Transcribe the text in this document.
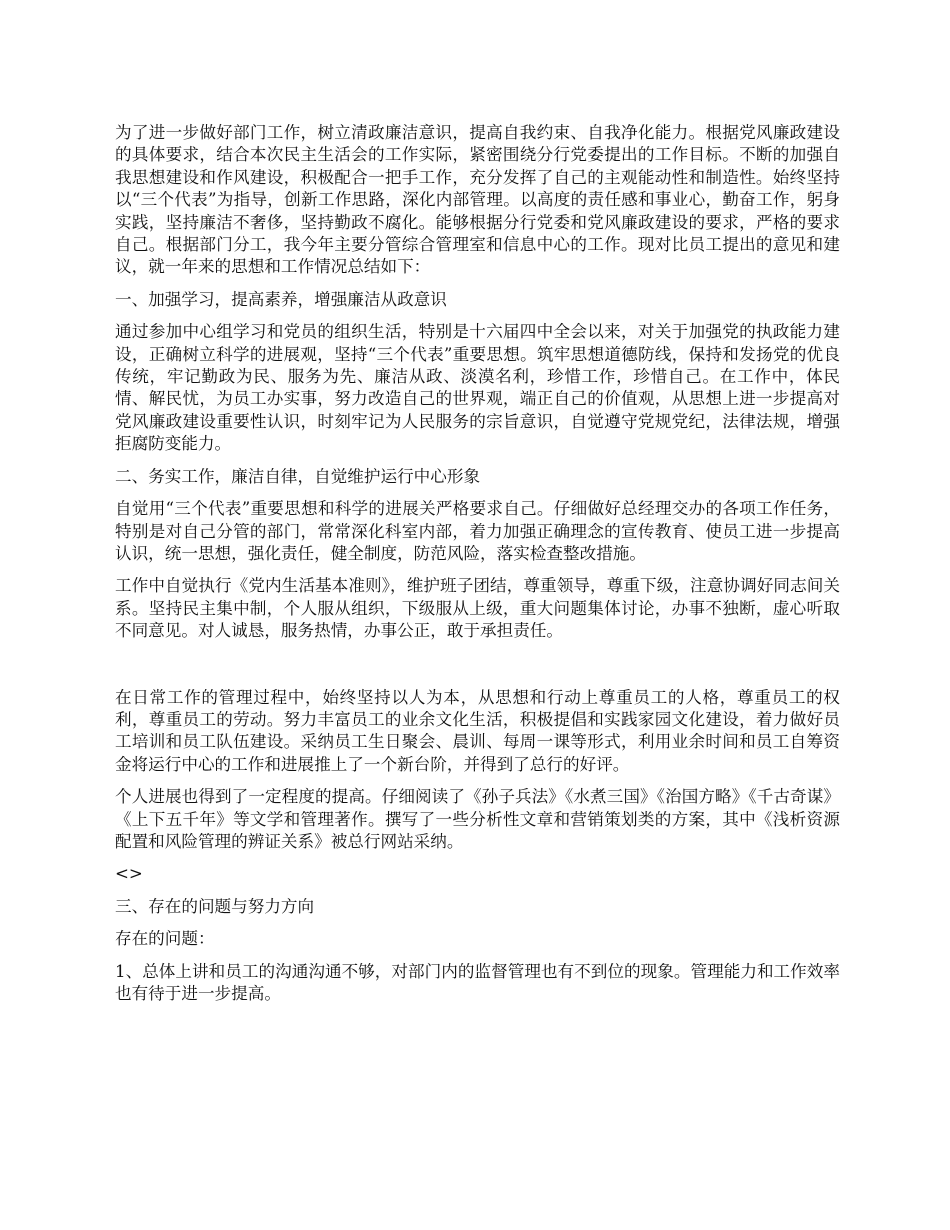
为了进一步做好部门工作，树立清政廉洁意识，提高自我约束、自我净化能力。根据党风廉政建设的具体要求，结合本次民主生活会的工作实际，紧密围绕分行党委提出的工作目标。不断的加强自我思想建设和作风建设，积极配合一把手工作，充分发挥了自己的主观能动性和制造性。始终坚持以“三个代表”为指导，创新工作思路，深化内部管理。以高度的责任感和事业心，勤奋工作，躬身实践，坚持廉洁不奢侈，坚持勤政不腐化。能够根据分行党委和党风廉政建设的要求，严格的要求自己。根据部门分工，我今年主要分管综合管理室和信息中心的工作。现对比员工提出的意见和建议，就一年来的思想和工作情况总结如下：

一、加强学习，提高素养，增强廉洁从政意识

通过参加中心组学习和党员的组织生活，特别是十六届四中全会以来，对关于加强党的执政能力建设，正确树立科学的进展观，坚持“三个代表”重要思想。筑牢思想道德防线，保持和发扬党的优良传统，牢记勤政为民、服务为先、廉洁从政、淡漠名利，珍惜工作，珍惜自己。在工作中，体民情、解民忧，为员工办实事，努力改造自己的世界观，端正自己的价值观，从思想上进一步提高对党风廉政建设重要性认识，时刻牢记为人民服务的宗旨意识，自觉遵守党规党纪，法律法规，增强拒腐防变能力。

二、务实工作，廉洁自律，自觉维护运行中心形象

自觉用“三个代表”重要思想和科学的进展关严格要求自己。仔细做好总经理交办的各项工作任务，特别是对自己分管的部门，常常深化科室内部，着力加强正确理念的宣传教育、使员工进一步提高认识，统一思想，强化责任，健全制度，防范风险，落实检查整改措施。

工作中自觉执行《党内生活基本准则》，维护班子团结，尊重领导，尊重下级，注意协调好同志间关系。坚持民主集中制，个人服从组织，下级服从上级，重大问题集体讨论，办事不独断，虚心听取不同意见。对人诚恳，服务热情，办事公正，敢于承担责任。

在日常工作的管理过程中，始终坚持以人为本，从思想和行动上尊重员工的人格，尊重员工的权利，尊重员工的劳动。努力丰富员工的业余文化生活，积极提倡和实践家园文化建设，着力做好员工培训和员工队伍建设。采纳员工生日聚会、晨训、每周一课等形式，利用业余时间和员工自筹资金将运行中心的工作和进展推上了一个新台阶，并得到了总行的好评。

个人进展也得到了一定程度的提高。仔细阅读了《孙子兵法》《水煮三国》《治国方略》《千古奇谋》《上下五千年》等文学和管理著作。撰写了一些分析性文章和营销策划类的方案，其中《浅析资源配置和风险管理的辨证关系》被总行网站采纳。

<>

三、存在的问题与努力方向

存在的问题：

1、总体上讲和员工的沟通沟通不够，对部门内的监督管理也有不到位的现象。管理能力和工作效率也有待于进一步提高。
